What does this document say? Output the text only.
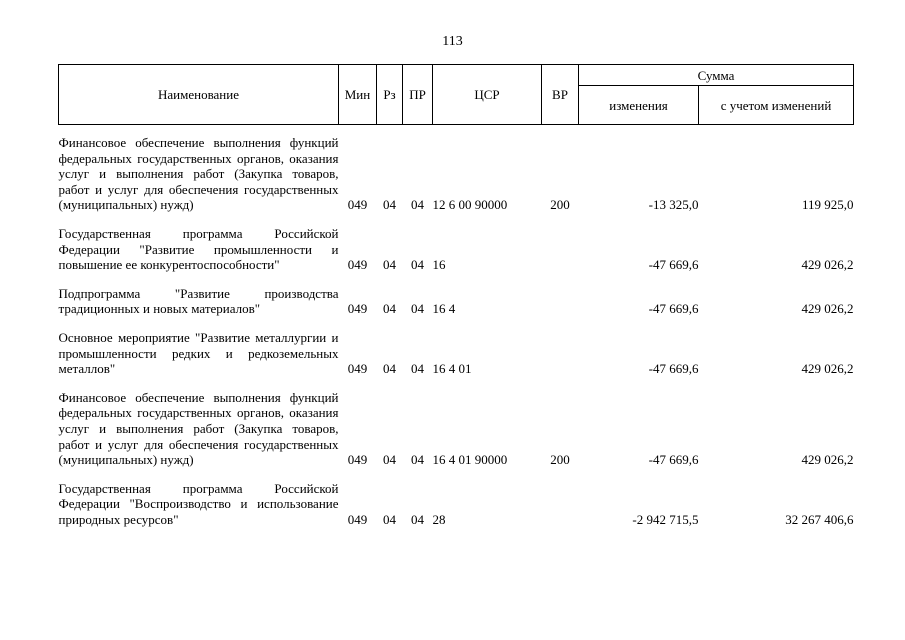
113
Наименование	Мин	Рз	ПР	ЦСР	ВР	Сумма	
						изменения	с учетом изменений

Финансовое обеспечение выполнения функций федеральных государственных органов, оказания услуг и выполнения работ (Закупка товаров, работ и услуг для обеспечения государственных (муниципальных) нужд)	049	04	04	12 6 00 90000	200	-13 325,0	119 925,0
Государственная программа Российской Федерации "Развитие промышленности и повышение ее конкурентоспособности"	049	04	04	16		-47 669,6	429 026,2
Подпрограмма "Развитие производства традиционных и новых материалов"	049	04	04	16 4		-47 669,6	429 026,2
Основное мероприятие "Развитие металлургии и промышленности редких и редкоземельных металлов"	049	04	04	16 4 01		-47 669,6	429 026,2
Финансовое обеспечение выполнения функций федеральных государственных органов, оказания услуг и выполнения работ (Закупка товаров, работ и услуг для обеспечения государственных (муниципальных) нужд)	049	04	04	16 4 01 90000	200	-47 669,6	429 026,2
Государственная программа Российской Федерации "Воспроизводство и использование природных ресурсов"	049	04	04	28		-2 942 715,5	32 267 406,6
